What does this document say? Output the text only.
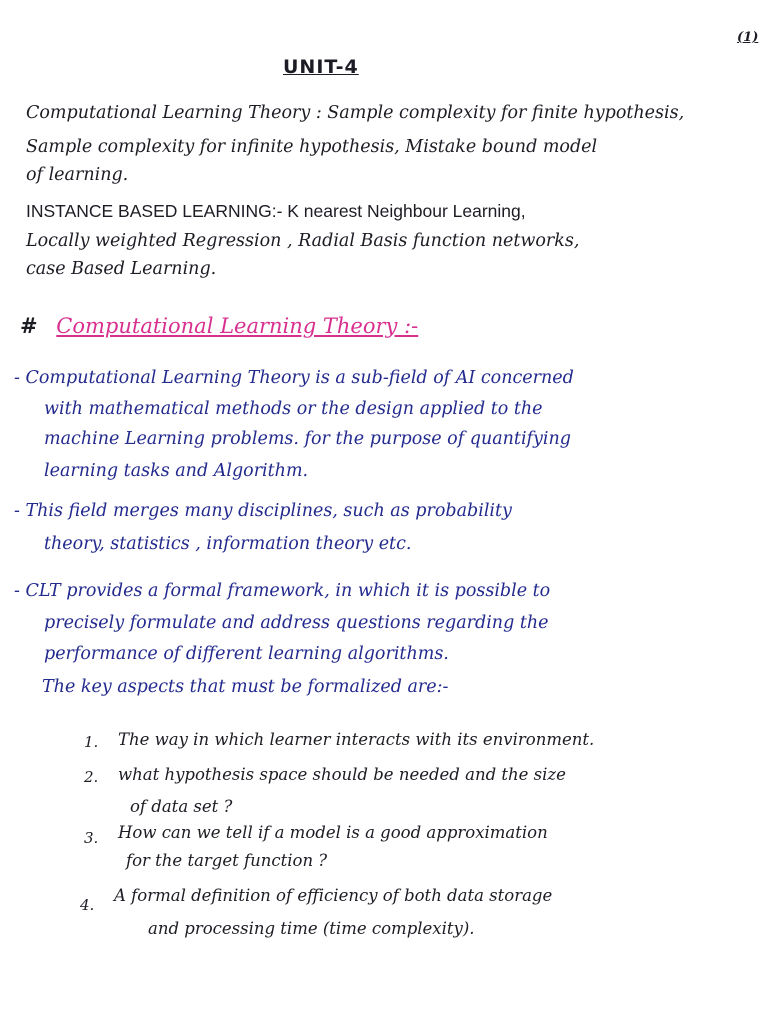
(1)
UNIT-4
Computational Learning Theory : Sample complexity for finite hypothesis,
Sample complexity for infinite hypothesis, Mistake bound model
of learning.
INSTANCE BASED LEARNING:- K nearest Neighbour Learning,
Locally weighted Regression , Radial Basis function networks,
case Based Learning.
# Computational Learning Theory :-
- Computational Learning Theory is a sub-field of AI concerned
with mathematical methods or the design applied to the
machine Learning problems. for the purpose of quantifying
learning tasks and Algorithm.
- This field merges many disciplines, such as probability
theory, statistics , information theory etc.
- CLT provides a formal framework, in which it is possible to
precisely formulate and address questions regarding the
performance of different learning algorithms.
The key aspects that must be formalized are:-
1. The way in which learner interacts with its environment.
2. what hypothesis space should be needed and the size
of data set ?
3. How can we tell if a model is a good approximation
for the target function ?
4. A formal definition of efficiency of both data storage
and processing time (time complexity).
